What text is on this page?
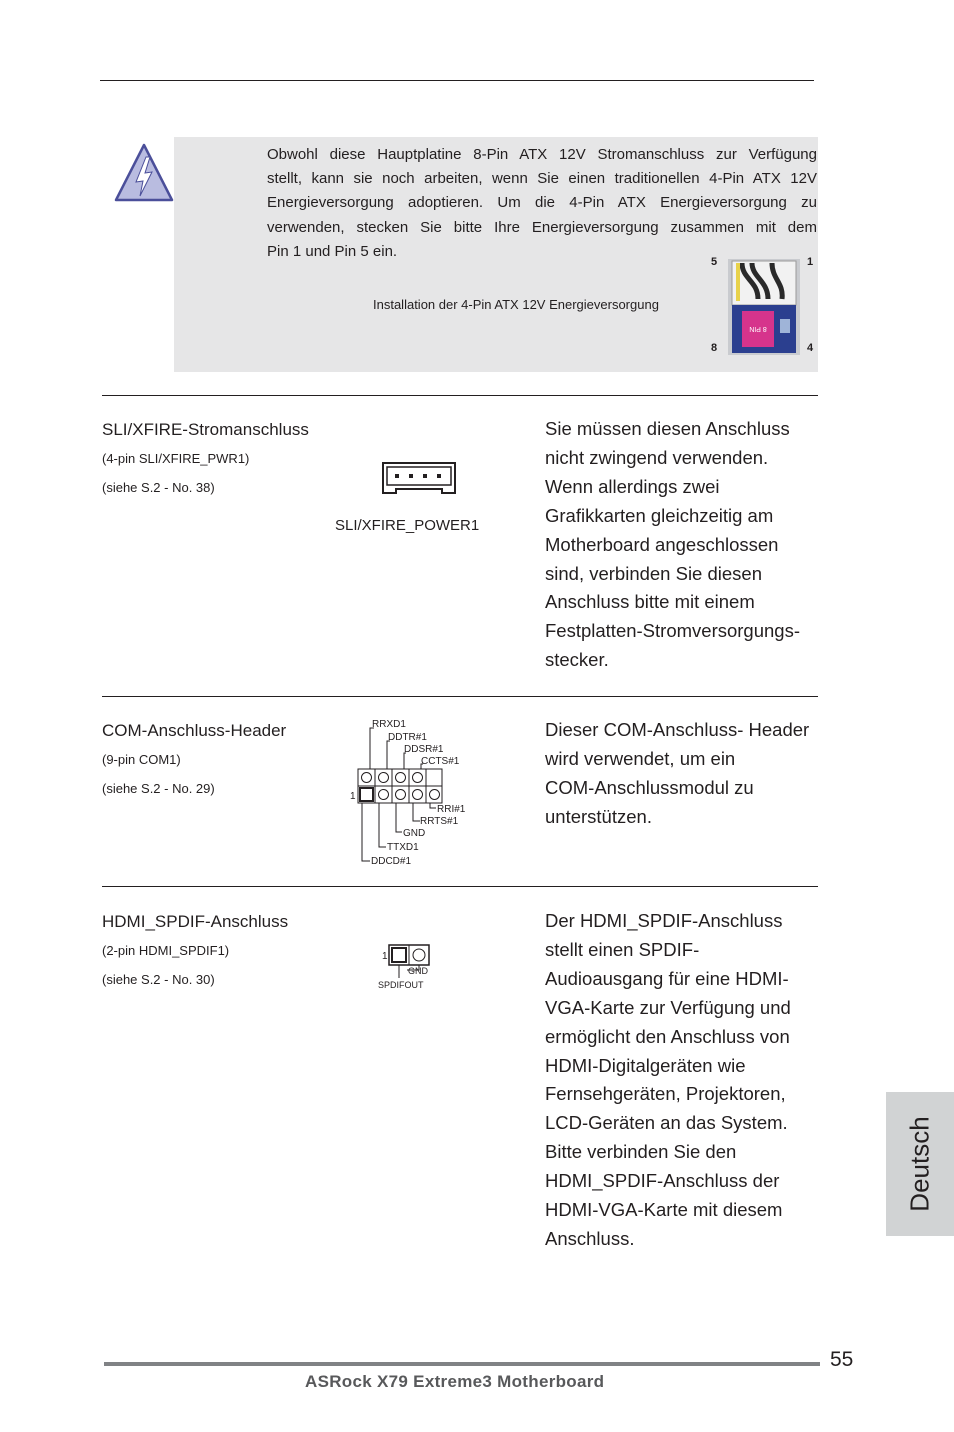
Obwohl diese Hauptplatine 8-Pin ATX 12V Stromanschluss zur Verfügung
stellt, kann sie noch arbeiten, wenn Sie einen traditionellen 4-Pin ATX 12V
Energieversorgung adoptieren. Um die 4-Pin ATX Energieversorgung zu
verwenden, stecken Sie bitte Ihre Energieversorgung zusammen mit dem
Pin 1 und Pin 5 ein.
Installation der 4-Pin ATX 12V Energieversorgung
5	1
8	4
8 PIN
SLI/XFIRE-Stromanschluss
(4-pin SLI/XFIRE_PWR1)
(siehe S.2 - No. 38)
SLI/XFIRE_POWER1
Sie müssen diesen Anschluss
nicht zwingend verwenden.
Wenn allerdings zwei
Grafikkarten gleichzeitig am
Motherboard angeschlossen
sind, verbinden Sie diesen
Anschluss bitte mit einem
Festplatten-Stromversorgungs-
stecker.
COM-Anschluss-Header
(9-pin COM1)
(siehe S.2 - No. 29)
1
RRXD1
DDTR#1
DDSR#1
CCTS#1
RRI#1
RRTS#1
GND
TTXD1
DDCD#1
Dieser COM-Anschluss- Header
wird verwendet, um ein
COM-Anschlussmodul zu
unterstützen.
HDMI_SPDIF-Anschluss
(2-pin HDMI_SPDIF1)
(siehe S.2 - No. 30)
1
GND
SPDIFOUT
Der HDMI_SPDIF-Anschluss
stellt einen SPDIF-
Audioausgang für eine HDMI-
VGA-Karte zur Verfügung und
ermöglicht den Anschluss von
HDMI-Digitalgeräten wie
Fernsehgeräten, Projektoren,
LCD-Geräten an das System.
Bitte verbinden Sie den
HDMI_SPDIF-Anschluss der
HDMI-VGA-Karte mit diesem
Anschluss.
Deutsch
55
ASRock X79 Extreme3 Motherboard
